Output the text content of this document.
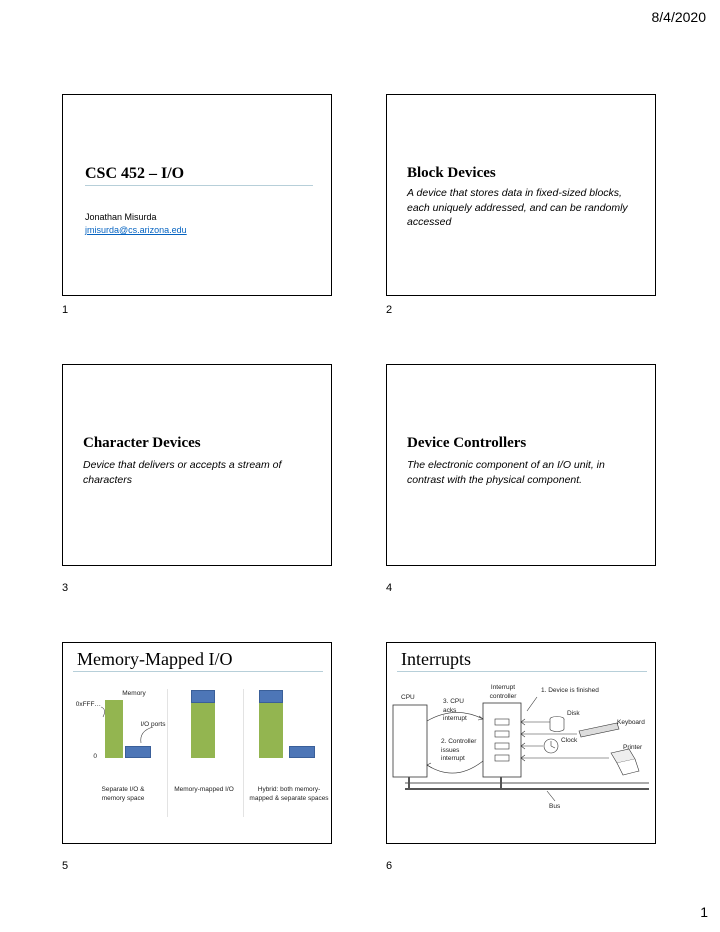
8/4/2020
CSC 452 – I/O
Jonathan Misurda
jmisurda@cs.arizona.edu
1
Block Devices
A device that stores data in fixed-sized blocks, each uniquely addressed, and can be randomly accessed
2
Character Devices
Device that delivers or accepts a stream of characters
3
Device Controllers
The electronic component of an I/O unit, in contrast with the physical component.
4
Memory-Mapped I/O
Memory
0xFFF…
I/O ports
0
Separate I/O & memory space
Memory-mapped I/O	Hybrid: both memory-mapped & separate spaces
5
Interrupts
CPU
Interrupt controller
1. Device is finished
3. CPU acks interrupt
2. Controller issues interrupt
Disk
Keyboard
Clock
Printer
Bus
6
1
